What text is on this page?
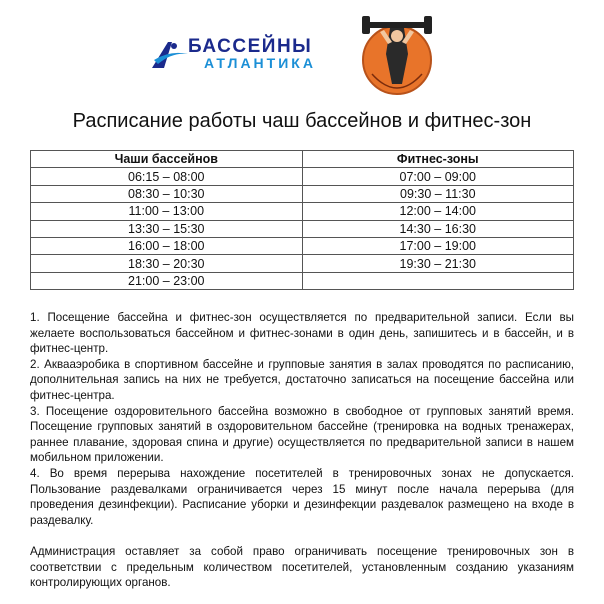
БАССЕЙНЫ
АТЛАНТИКА
Расписание работы чаш бассейнов и фитнес-зон
Чаши бассейнов	Фитнес-зоны
06:15 – 08:00	07:00 – 09:00
08:30 – 10:30	09:30 – 11:30
11:00 – 13:00	12:00 – 14:00
13:30 – 15:30	14:30 – 16:30
16:00 – 18:00	17:00 – 19:00
18:30 – 20:30	19:30 – 21:30
21:00 – 23:00	

1. Посещение бассейна и фитнес-зон осуществляется по предварительной записи. Если вы желаете воспользоваться бассейном и фитнес-зонами в один день, запишитесь и в бассейн, и в фитнес-центр.

2. Аквааэробика в спортивном бассейне и групповые занятия в залах проводятся по расписанию, дополнительная запись на них не требуется, достаточно записаться на посещение бассейна или фитнес-центра.

3. Посещение оздоровительного бассейна возможно в свободное от групповых занятий время. Посещение групповых занятий в оздоровительном бассейне (тренировка на водных тренажерах, раннее плавание, здоровая спина и другие) осуществляется по предварительной записи в нашем мобильном приложении.

4. Во время перерыва нахождение посетителей в тренировочных зонах не допускается. Пользование раздевалками ограничивается через 15 минут после начала перерыва (для проведения дезинфекции). Расписание уборки и дезинфекции раздевалок размещено на входе в раздевалку.

Администрация оставляет за собой право ограничивать посещение тренировочных зон в соответствии с предельным количеством посетителей, установленным созданию указаниям контролирующих органов.
